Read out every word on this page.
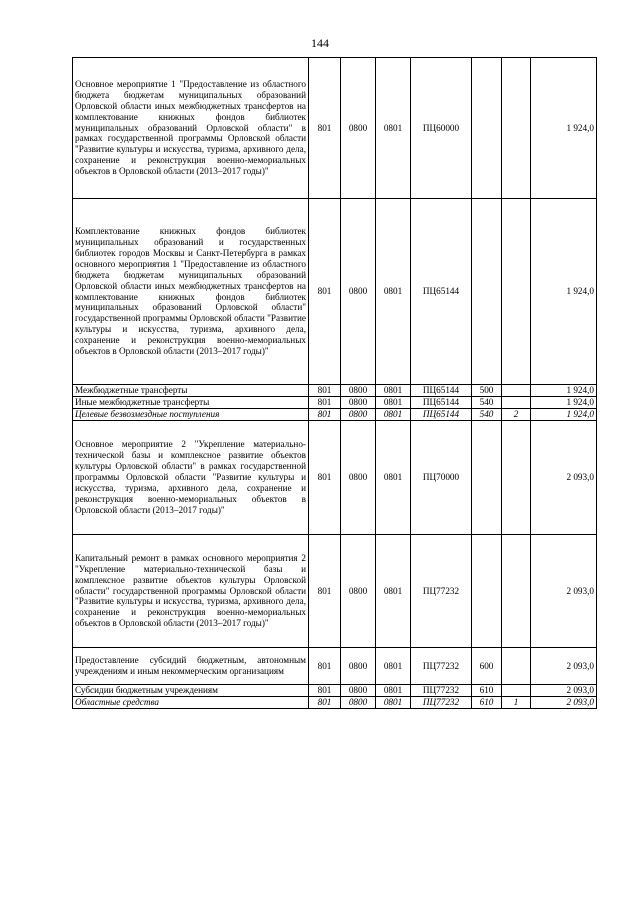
144
Основное мероприятие 1 "Предоставление из областного бюджета бюджетам муниципальных образований Орловской области иных межбюджетных трансфертов на комплектование книжных фондов библиотек муниципальных образований Орловской области" в рамках государственной программы Орловской области "Развитие культуры и искусства, туризма, архивного дела, сохранение и реконструкция военно-мемориальных объектов в Орловской области (2013–2017 годы)"	801	0800	0801	ПЦ60000			1 924,0
Комплектование книжных фондов библиотек муниципальных образований и государственных библиотек городов Москвы и Санкт-Петербурга в рамках основного мероприятия 1 "Предоставление из областного бюджета бюджетам муниципальных образований Орловской области иных межбюджетных трансфертов на комплектование книжных фондов библиотек муниципальных образований Орловской области" государственной программы Орловской области "Развитие культуры и искусства, туризма, архивного дела, сохранение и реконструкция военно-мемориальных объектов в Орловской области (2013–2017 годы)"	801	0800	0801	ПЦ65144			1 924,0
Межбюджетные трансферты	801	0800	0801	ПЦ65144	500		1 924,0
Иные межбюджетные трансферты	801	0800	0801	ПЦ65144	540		1 924,0
Целевые безвозмездные поступления	801	0800	0801	ПЦ65144	540	2	1 924,0
Основное мероприятие 2 "Укрепление материально-технической базы и комплексное развитие объектов культуры Орловской области" в рамках государственной программы Орловской области "Развитие культуры и искусства, туризма, архивного дела, сохранение и реконструкция военно-мемориальных объектов в Орловской области (2013–2017 годы)"	801	0800	0801	ПЦ70000			2 093,0
Капитальный ремонт в рамках основного мероприятия 2 "Укрепление материально-технической базы и комплексное развитие объектов культуры Орловской области" государственной программы Орловской области "Развитие культуры и искусства, туризма, архивного дела, сохранение и реконструкция военно-мемориальных объектов в Орловской области (2013–2017 годы)"	801	0800	0801	ПЦ77232			2 093,0
Предоставление субсидий бюджетным, автономным учреждениям и иным некоммерческим организациям	801	0800	0801	ПЦ77232	600		2 093,0
Субсидии бюджетным учреждениям	801	0800	0801	ПЦ77232	610		2 093,0
Областные средства	801	0800	0801	ПЦ77232	610	1	2 093,0
